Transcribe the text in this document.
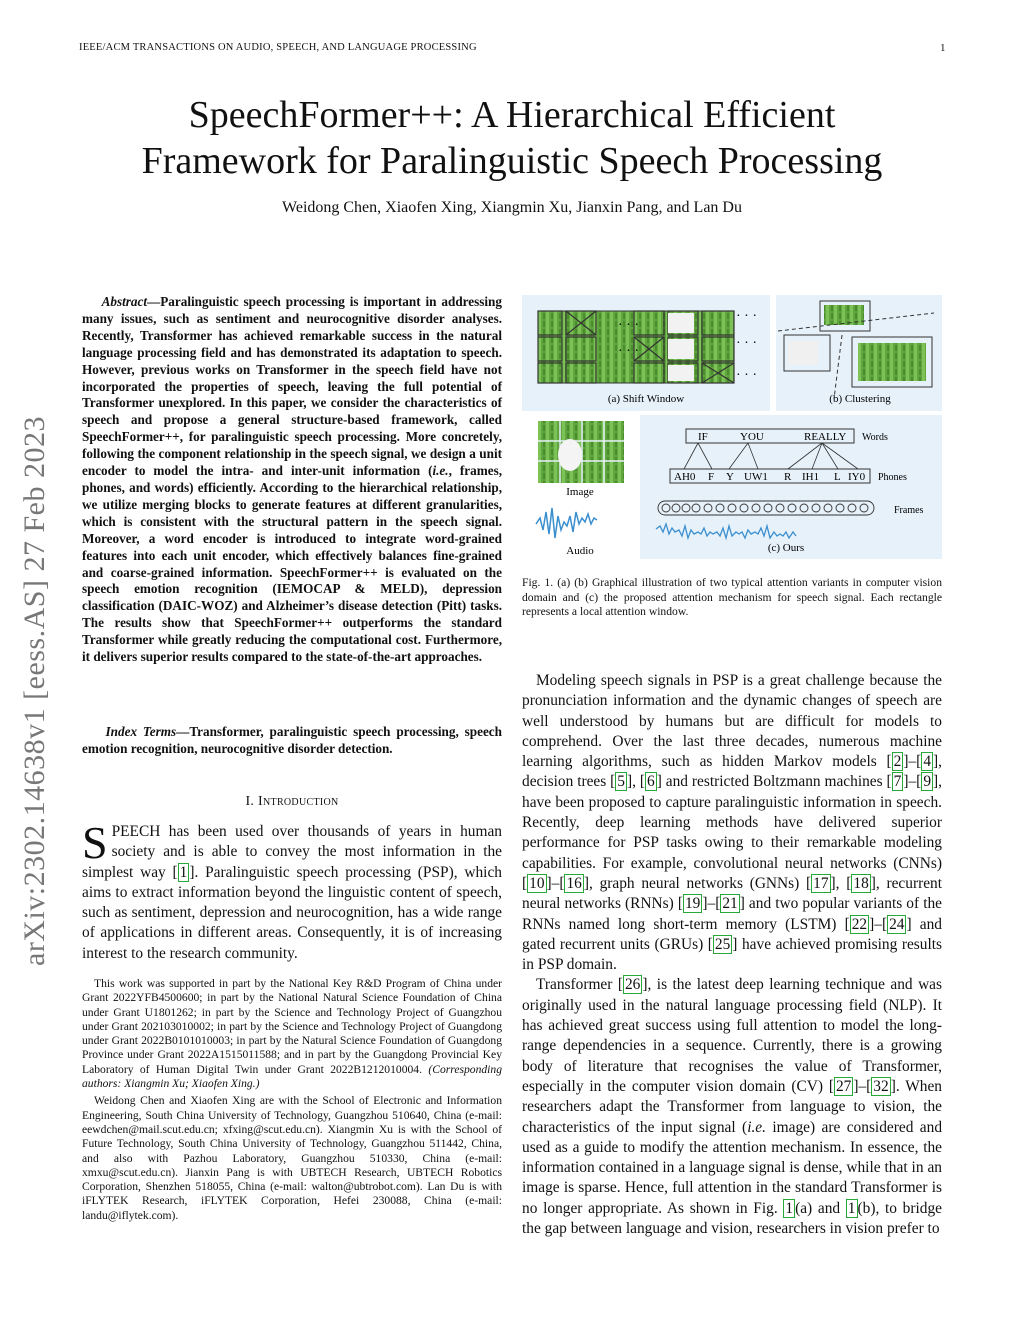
IEEE/ACM TRANSACTIONS ON AUDIO, SPEECH, AND LANGUAGE PROCESSING	1
SpeechFormer++: A Hierarchical Efficient
Framework for Paralinguistic Speech Processing
Weidong Chen, Xiaofen Xing, Xiangmin Xu, Jianxin Pang, and Lan Du
arXiv:2302.14638v1 [eess.AS] 27 Feb 2023
Abstract—Paralinguistic speech processing is important in addressing many issues, such as sentiment and neurocognitive disorder analyses. Recently, Transformer has achieved remarkable success in the natural language processing field and has demonstrated its adaptation to speech. However, previous works on Transformer in the speech field have not incorporated the properties of speech, leaving the full potential of Transformer unexplored. In this paper, we consider the characteristics of speech and propose a general structure-based framework, called SpeechFormer++, for paralinguistic speech processing. More concretely, following the component relationship in the speech signal, we design a unit encoder to model the intra- and inter-unit information (i.e., frames, phones, and words) efficiently. According to the hierarchical relationship, we utilize merging blocks to generate features at different granularities, which is consistent with the structural pattern in the speech signal. Moreover, a word encoder is introduced to integrate word-grained features into each unit encoder, which effectively balances fine-grained and coarse-grained information. SpeechFormer++ is evaluated on the speech emotion recognition (IEMOCAP & MELD), depression classification (DAIC-WOZ) and Alzheimer’s disease detection (Pitt) tasks. The results show that SpeechFormer++ outperforms the standard Transformer while greatly reducing the computational cost. Furthermore, it delivers superior results compared to the state-of-the-art approaches.
Index Terms—Transformer, paralinguistic speech processing, speech emotion recognition, neurocognitive disorder detection.
I. Introduction
SPEECH has been used over thousands of years in human society and is able to convey the most information in the simplest way [ 1 ]. Paralinguistic speech processing (PSP), which aims to extract information beyond the linguistic content of speech, such as sentiment, depression and neurocognition, has a wide range of applications in different areas. Consequently, it is of increasing interest to the research community.

This work was supported in part by the National Key R&D Program of China under Grant 2022YFB4500600; in part by the National Natural Science Foundation of China under Grant U1801262; in part by the Science and Technology Project of Guangzhou under Grant 202103010002; in part by the Science and Technology Project of Guangdong under Grant 2022B0101010003; in part by the Natural Science Foundation of Guangdong Province under Grant 2022A1515011588; and in part by the Guangdong Provincial Key Laboratory of Human Digital Twin under Grant 2022B1212010004. (Corresponding authors: Xiangmin Xu; Xiaofen Xing.)

Weidong Chen and Xiaofen Xing are with the School of Electronic and Information Engineering, South China University of Technology, Guangzhou 510640, China (e-mail: eewdchen@mail.scut.edu.cn; xfxing@scut.edu.cn). Xiangmin Xu is with the School of Future Technology, South China University of Technology, Guangzhou 511442, China, and also with Pazhou Laboratory, Guangzhou 510330, China (e-mail: xmxu@scut.edu.cn). Jianxin Pang is with UBTECH Research, UBTECH Robotics Corporation, Shenzhen 518055, China (e-mail: walton@ubtrobot.com). Lan Du is with iFLYTEK Research, iFLYTEK Corporation, Hefei 230088, China (e-mail: landu@iflytek.com).

· · ·
· · ·
· · ·
· · ·
· · ·
(a) Shift Window	(b) Clustering
Image
Audio
IF	YOU	REALLY Words
AH0 F Y UW1 R IH1 L IY0 Phones
Frames
(c) Ours
Fig. 1. (a) (b) Graphical illustration of two typical attention variants in computer vision domain and (c) the proposed attention mechanism for speech signal. Each rectangle represents a local attention window.

Modeling speech signals in PSP is a great challenge because the pronunciation information and the dynamic changes of speech are well understood by humans but are difficult for models to comprehend. Over the last three decades, numerous machine learning algorithms, such as hidden Markov models [ 2 ]–[ 4 ], decision trees [ 5 ], [ 6 ] and restricted Boltzmann machines [ 7 ]–[ 9 ], have been proposed to capture paralinguistic information in speech. Recently, deep learning methods have delivered superior performance for PSP tasks owing to their remarkable modeling capabilities. For example, convolutional neural networks (CNNs) [ 10 ]–[ 16 ], graph neural networks (GNNs) [ 17 ], [ 18 ], recurrent neural networks (RNNs) [ 19 ]–[ 21 ] and two popular variants of the RNNs named long short-term memory (LSTM) [ 22 ]–[ 24 ] and gated recurrent units (GRUs) [ 25 ] have achieved promising results in PSP domain.

Transformer [ 26 ], is the latest deep learning technique and was originally used in the natural language processing field (NLP). It has achieved great success using full attention to model the long-range dependencies in a sequence. Currently, there is a growing body of literature that recognises the value of Transformer, especially in the computer vision domain (CV) [ 27 ]–[ 32 ]. When researchers adapt the Transformer from language to vision, the characteristics of the input signal (i.e. image) are considered and used as a guide to modify the attention mechanism. In essence, the information contained in a language signal is dense, while that in an image is sparse. Hence, full attention in the standard Transformer is no longer appropriate. As shown in Fig. 1 (a) and 1 (b), to bridge the gap between language and vision, researchers in vision prefer to
